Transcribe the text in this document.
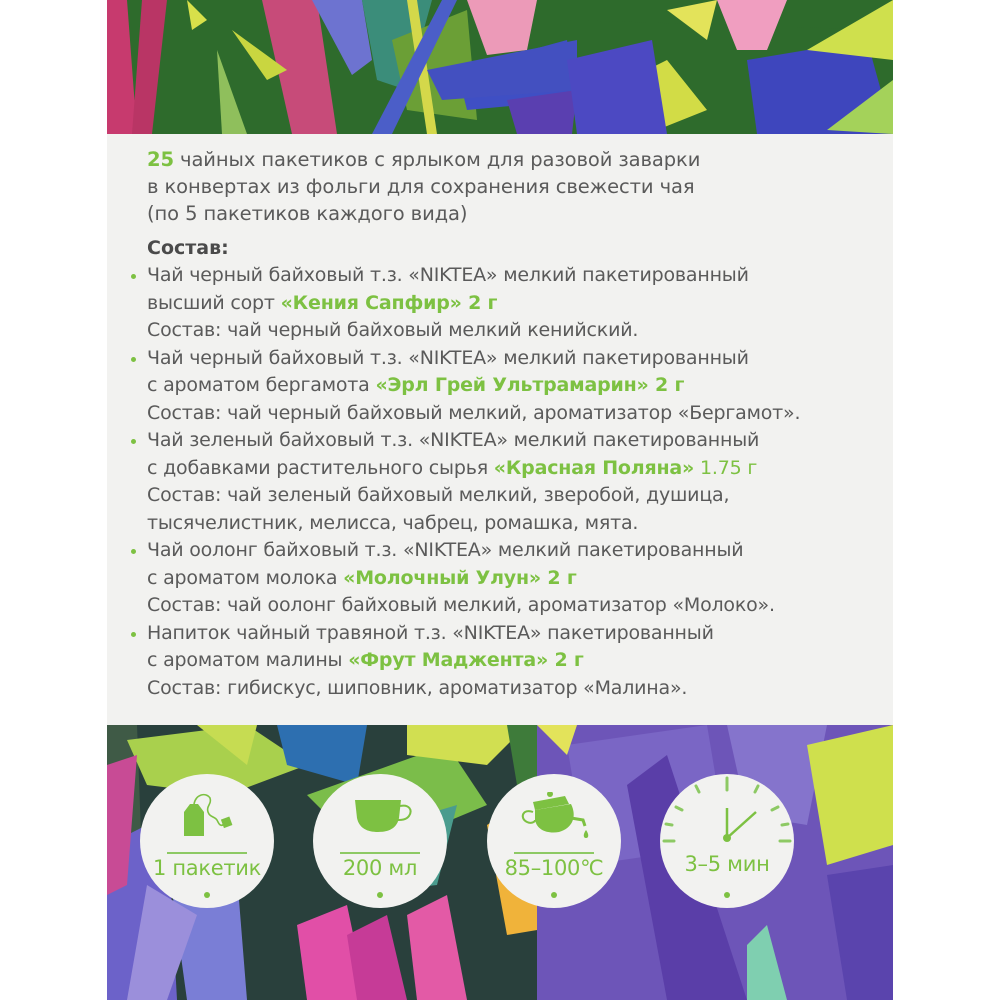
25 чайных пакетиков с ярлыком для разовой заварки
в конвертах из фольги для сохранения свежести чая
(по 5 пакетиков каждого вида)
Состав:
Чай черный байховый т.з. «NIKTEA» мелкий пакетированный
высший сорт «Кения Сапфир» 2 г
Состав: чай черный байховый мелкий кенийский.
Чай черный байховый т.з. «NIKTEA» мелкий пакетированный
с ароматом бергамота «Эрл Грей Ультрамарин» 2 г
Состав: чай черный байховый мелкий, ароматизатор «Бергамот».
Чай зеленый байховый т.з. «NIKTEA» мелкий пакетированный
с добавками растительного сырья «Красная Поляна» 1.75 г
Состав: чай зеленый байховый мелкий, зверобой, душица,
тысячелистник, мелисса, чабрец, ромашка, мята.
Чай оолонг байховый т.з. «NIKTEA» мелкий пакетированный
с ароматом молока «Молочный Улун» 2 г
Состав: чай оолонг байховый мелкий, ароматизатор «Молоко».
Напиток чайный травяной т.з. «NIKTEA» пакетированный
с ароматом малины «Фрут Маджента» 2 г
Состав: гибискус, шиповник, ароматизатор «Малина».
1 пакетик	200 мл	85–100℃	3–5 мин
